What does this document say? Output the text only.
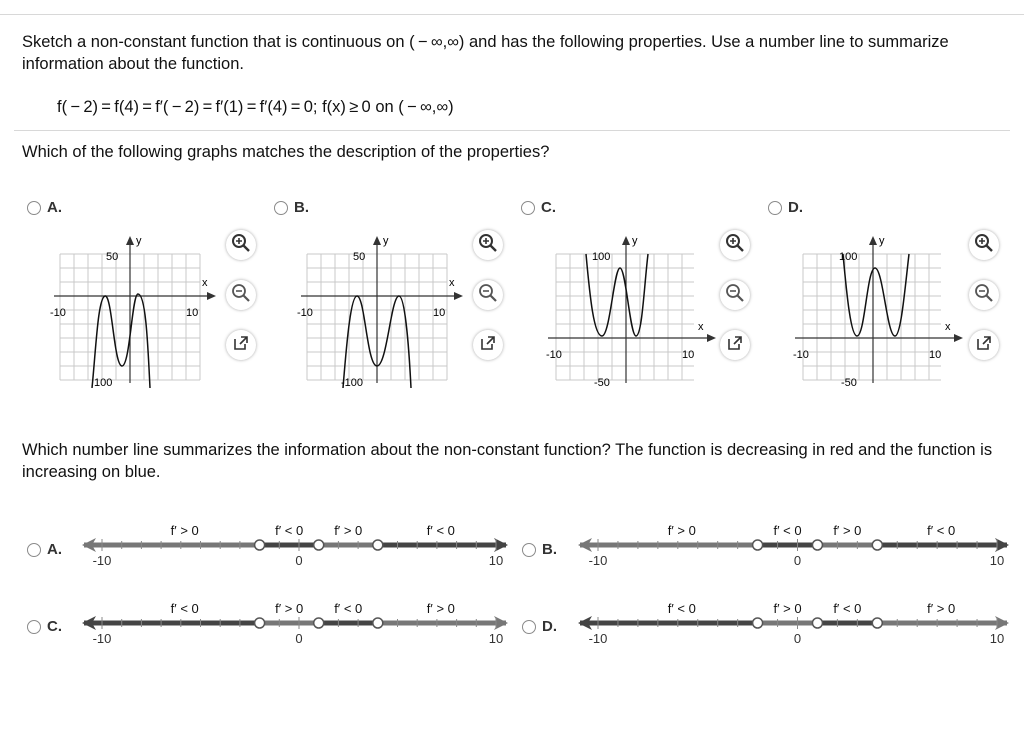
Sketch a non-constant function that is continuous on ( − ∞,∞) and has the following properties. Use a number line to summarize information about the function.
f( − 2) = f(4) = f′( − 2) = f′(1) = f′(4) = 0; f(x) ≥ 0 on ( − ∞,∞)
Which of the following graphs matches the description of the properties?
A.	B.	C.	D.
y
x
50
100
-10	10
y
x
50
-100
-10	10
y
x
100
-50
-10	10
y
x
100
-50
-10	10
Which number line summarizes the information about the non-constant function? The function is decreasing in red and the function is increasing on blue.
A.	B.
C.	D.
f′ > 0	f′ < 0 f′ > 0	f′ < 0
-10	0	10
f′ > 0	f′ < 0 f′ > 0	f′ < 0
-10	0	10
f′ < 0	f′ > 0 f′ < 0	f′ > 0
-10	0	10
f′ < 0	f′ > 0 f′ < 0	f′ > 0
-10	0	10
